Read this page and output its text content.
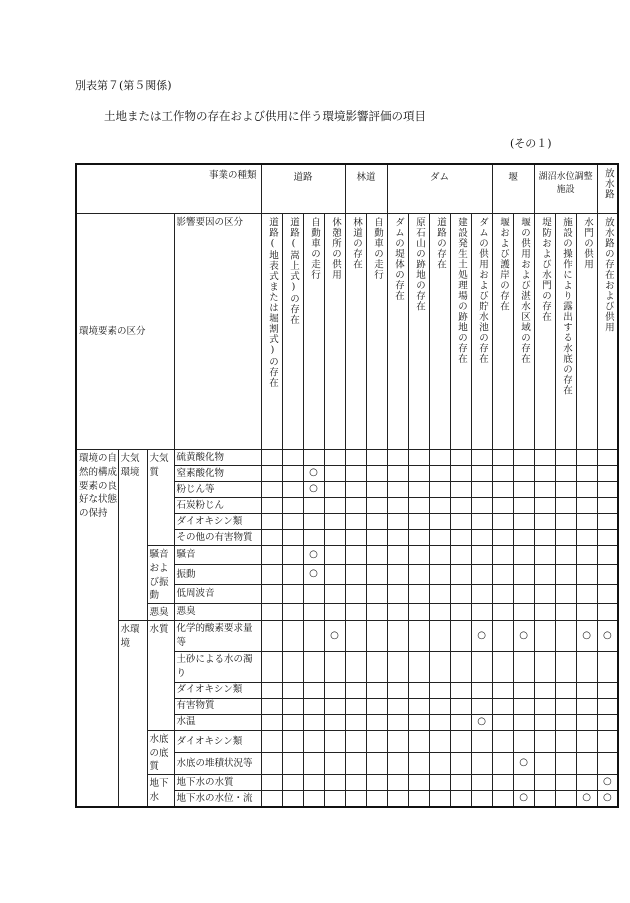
別表第７(第５関係)
土地または工作物の存在および供用に伴う環境影響評価の項目
(その１)
事業の種類				道路				林道		ダム					堰		湖沼水位調整施設			放水路

環境要素の区分			影響要因の区分	道路(地表式または堀割式)の存在	道路(嵩上式)の存在	自動車の走行	休憩所の供用	林道の存在	自動車の走行	ダムの堤体の存在	原石山の跡地の存在	道路の存在	建設発生土処理場の跡地の存在	ダムの供用および貯水池の存在	堰および護岸の存在	堰の供用および湛水区域の存在	堤防および水門の存在	施設の操作により露出する水底の存在	水門の供用	放水路の存在および供用

環境の自然的構成要素の良好な状態の保持	大気環境	大気質	硫黄酸化物																	
			窒素酸化物			○														
			粉じん等			○														
			石炭粉じん																	
			ダイオキシン類																	
			その他の有害物質																	
		騒音および振動	騒音			○														
			振動			○														
			低周波音																	
		悪臭	悪臭																	
	水環境	水質	化学的酸素要求量等				○							○		○			○	○
			土砂による水の濁り																	
			ダイオキシン類																	
			有害物質																	
			水温											○						
		水底の底質	ダイオキシン類																	
			水底の堆積状況等													○				
		地下水	地下水の水質																	○
			地下水の水位・流													○			○	○
